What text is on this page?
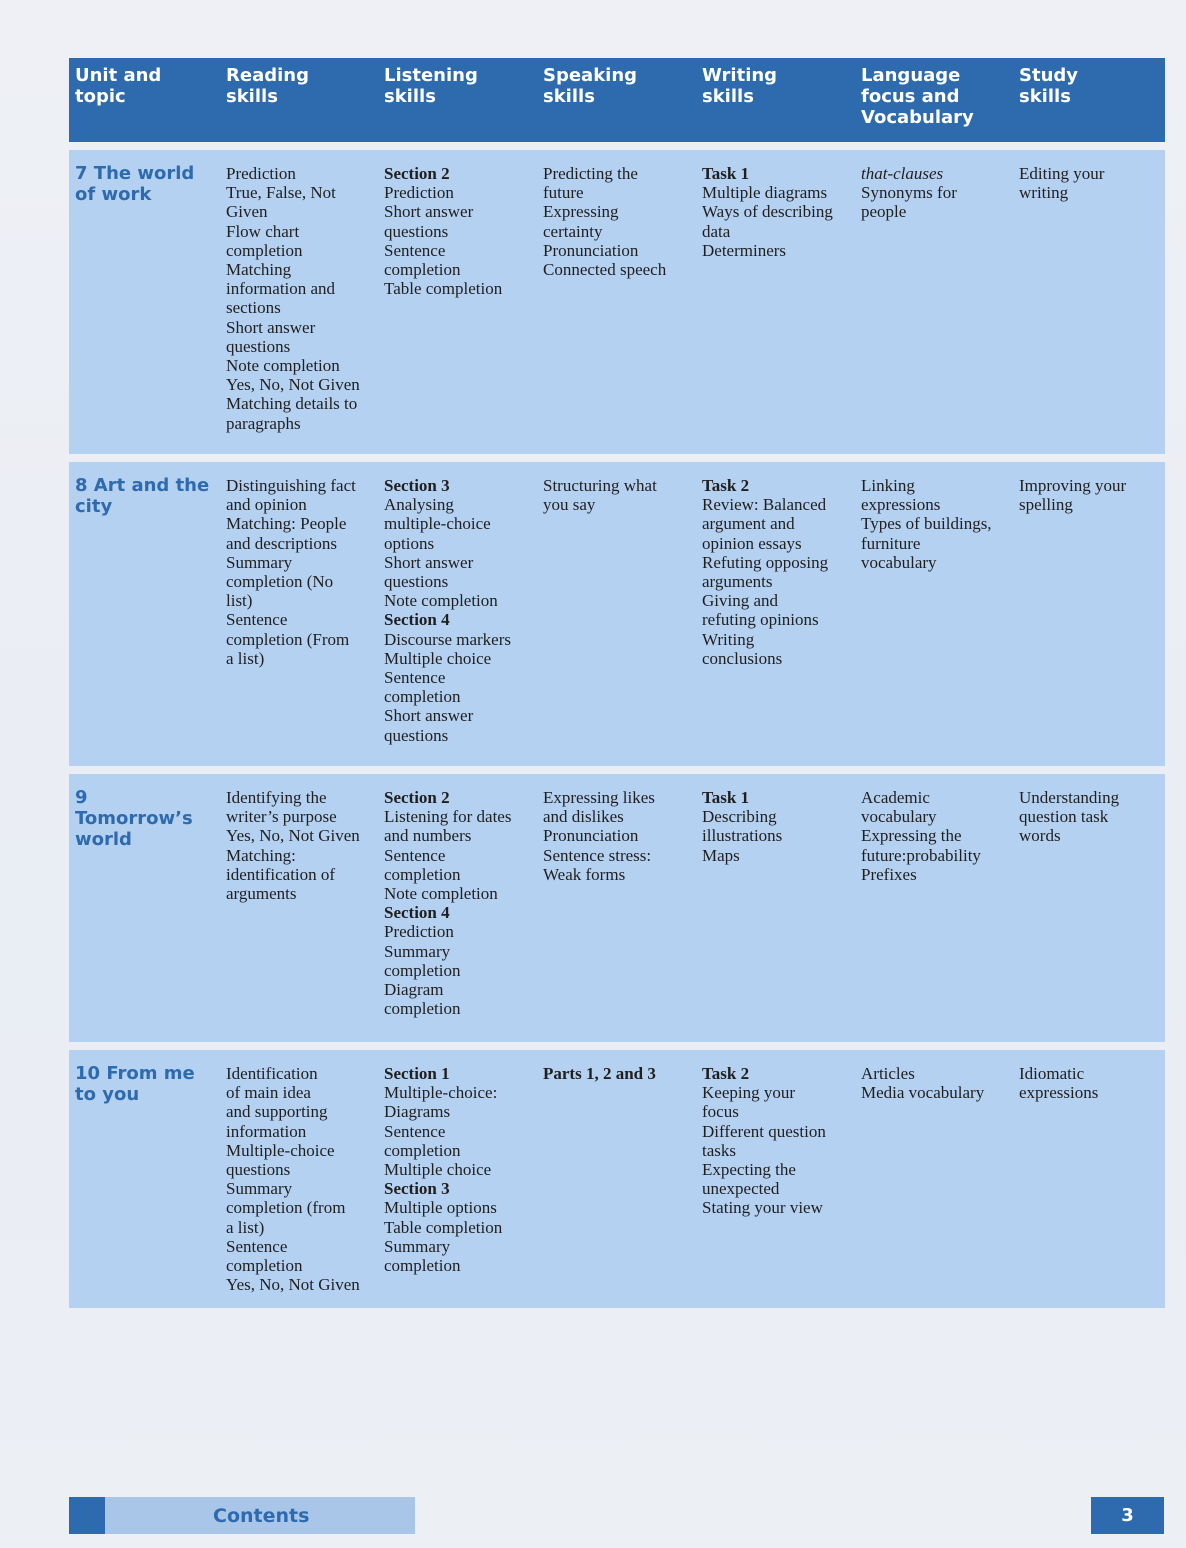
Unit and
topic
Reading
skills
Listening
skills
Speaking
skills
Writing
skills
Language
focus and
Vocabulary
Study
skills
7 The world
of work

Prediction

True, False, Not
Given

Flow chart
completion

Matching
information and
sections

Short answer
questions

Note completion

Yes, No, Not Given

Matching details to
paragraphs

Section 2

Prediction

Short answer
questions

Sentence
completion

Table completion

Predicting the
future

Expressing
certainty

Pronunciation

Connected speech

Task 1

Multiple diagrams

Ways of describing
data

Determiners

that-clauses

Synonyms for
people

Editing your
writing

8 Art and the
city

Distinguishing fact
and opinion

Matching: People
and descriptions

Summary
completion (No
list)

Sentence
completion (From
a list)

Section 3

Analysing
multiple-choice
options

Short answer
questions

Note completion

Section 4

Discourse markers

Multiple choice

Sentence
completion

Short answer
questions

Structuring what
you say

Task 2

Review: Balanced
argument and
opinion essays

Refuting opposing
arguments

Giving and
refuting opinions

Writing
conclusions

Linking
expressions

Types of buildings,
furniture
vocabulary

Improving your
spelling

9
Tomorrow’s
world

Identifying the
writer’s purpose

Yes, No, Not Given

Matching:
identification of
arguments

Section 2

Listening for dates
and numbers

Sentence
completion

Note completion

Section 4

Prediction

Summary
completion

Diagram
completion

Expressing likes
and dislikes

Pronunciation

Sentence stress:

Weak forms

Task 1

Describing
illustrations

Maps

Academic
vocabulary

Expressing the
future:probability

Prefixes

Understanding
question task
words

10 From me
to you

Identification
of main idea
and supporting
information

Multiple-choice
questions

Summary
completion (from
a list)

Sentence
completion

Yes, No, Not Given

Section 1

Multiple-choice:
Diagrams

Sentence
completion

Multiple choice

Section 3

Multiple options

Table completion

Summary
completion

Parts 1, 2 and 3	Task 2

Keeping your
focus

Different question
tasks

Expecting the
unexpected

Stating your view

Articles

Media vocabulary

Idiomatic
expressions

Contents	3
